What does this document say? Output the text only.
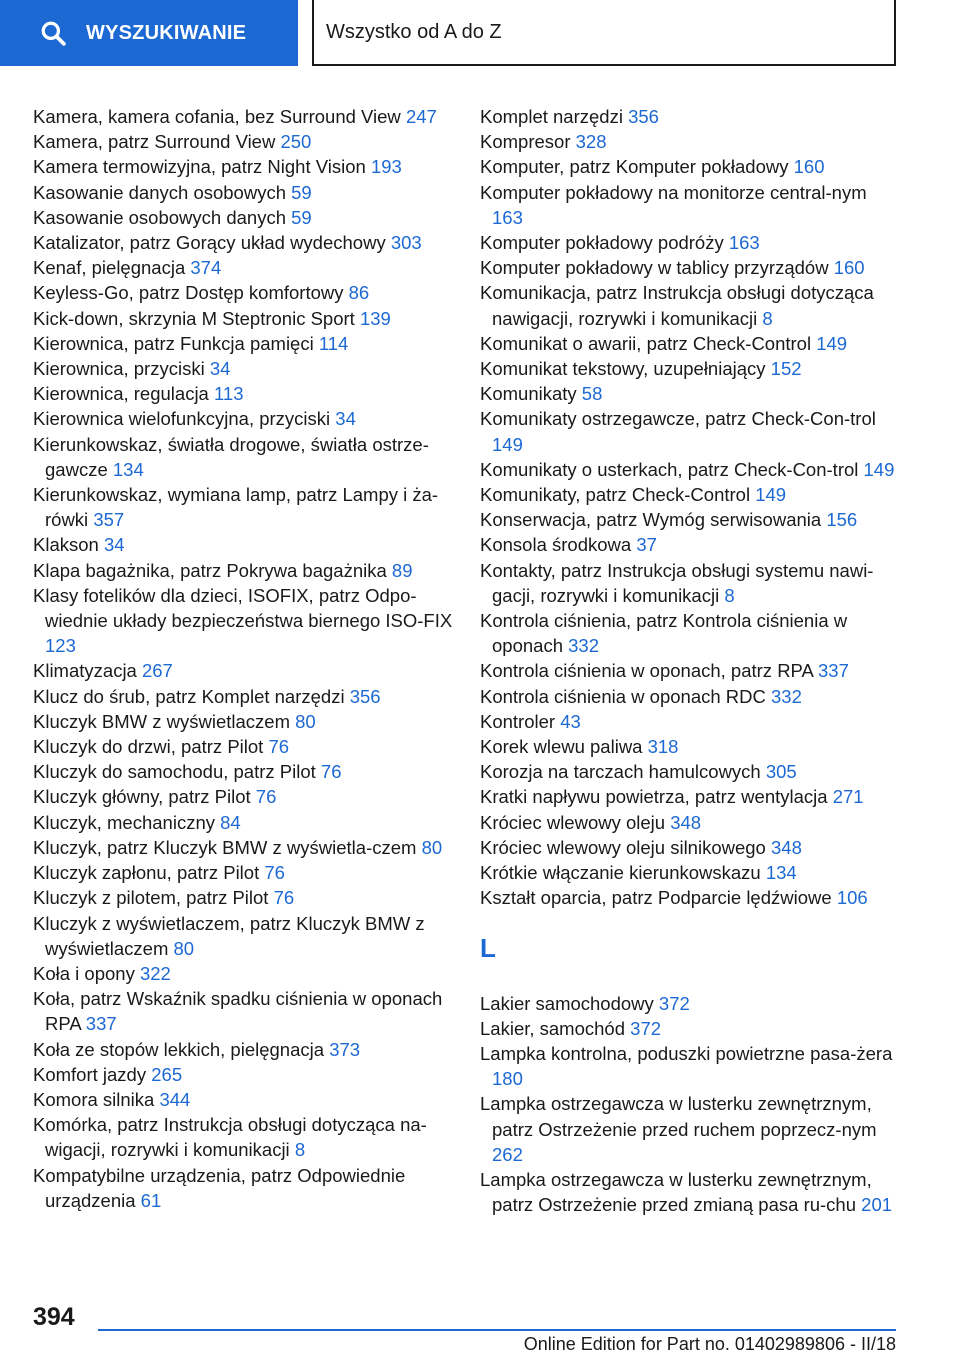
WYSZUKIWANIE	Wszystko od A do Z
Kamera, kamera cofania, bez Surround View 247
Kamera, patrz Surround View 250
Kamera termowizyjna, patrz Night Vision 193
Kasowanie danych osobowych 59
Kasowanie osobowych danych 59
Katalizator, patrz Gorący układ wydechowy 303
Kenaf, pielęgnacja 374
Keyless-Go, patrz Dostęp komfortowy 86
Kick-down, skrzynia M Steptronic Sport 139
Kierownica, patrz Funkcja pamięci 114
Kierownica, przyciski 34
Kierownica, regulacja 113
Kierownica wielofunkcyjna, przyciski 34
Kierunkowskaz, światła drogowe, światła ostrze-gawcze 134
Kierunkowskaz, wymiana lamp, patrz Lampy i ża-rówki 357
Klakson 34
Klapa bagażnika, patrz Pokrywa bagażnika 89
Klasy fotelików dla dzieci, ISOFIX, patrz Odpo-wiednie układy bezpieczeństwa biernego ISO-FIX 123
Klimatyzacja 267
Klucz do śrub, patrz Komplet narzędzi 356
Kluczyk BMW z wyświetlaczem 80
Kluczyk do drzwi, patrz Pilot 76
Kluczyk do samochodu, patrz Pilot 76
Kluczyk główny, patrz Pilot 76
Kluczyk, mechaniczny 84
Kluczyk, patrz Kluczyk BMW z wyświetla-czem 80
Kluczyk zapłonu, patrz Pilot 76
Kluczyk z pilotem, patrz Pilot 76
Kluczyk z wyświetlaczem, patrz Kluczyk BMW z wyświetlaczem 80
Koła i opony 322
Koła, patrz Wskaźnik spadku ciśnienia w oponach RPA 337
Koła ze stopów lekkich, pielęgnacja 373
Komfort jazdy 265
Komora silnika 344
Komórka, patrz Instrukcja obsługi dotycząca na-wigacji, rozrywki i komunikacji 8
Kompatybilne urządzenia, patrz Odpowiednie urządzenia 61
Komplet narzędzi 356
Kompresor 328
Komputer, patrz Komputer pokładowy 160
Komputer pokładowy na monitorze central-nym 163
Komputer pokładowy podróży 163
Komputer pokładowy w tablicy przyrządów 160
Komunikacja, patrz Instrukcja obsługi dotycząca nawigacji, rozrywki i komunikacji 8
Komunikat o awarii, patrz Check-Control 149
Komunikat tekstowy, uzupełniający 152
Komunikaty 58
Komunikaty ostrzegawcze, patrz Check-Con-trol 149
Komunikaty o usterkach, patrz Check-Con-trol 149
Komunikaty, patrz Check-Control 149
Konserwacja, patrz Wymóg serwisowania 156
Konsola środkowa 37
Kontakty, patrz Instrukcja obsługi systemu nawi-gacji, rozrywki i komunikacji 8
Kontrola ciśnienia, patrz Kontrola ciśnienia w oponach 332
Kontrola ciśnienia w oponach, patrz RPA 337
Kontrola ciśnienia w oponach RDC 332
Kontroler 43
Korek wlewu paliwa 318
Korozja na tarczach hamulcowych 305
Kratki napływu powietrza, patrz wentylacja 271
Króciec wlewowy oleju 348
Króciec wlewowy oleju silnikowego 348
Krótkie włączanie kierunkowskazu 134
Kształt oparcia, patrz Podparcie lędźwiowe 106
L
Lakier samochodowy 372
Lakier, samochód 372
Lampka kontrolna, poduszki powietrzne pasa-żera 180
Lampka ostrzegawcza w lusterku zewnętrznym, patrz Ostrzeżenie przed ruchem poprzecz-nym 262
Lampka ostrzegawcza w lusterku zewnętrznym, patrz Ostrzeżenie przed zmianą pasa ru-chu 201
394
Online Edition for Part no. 01402989806 - II/18
